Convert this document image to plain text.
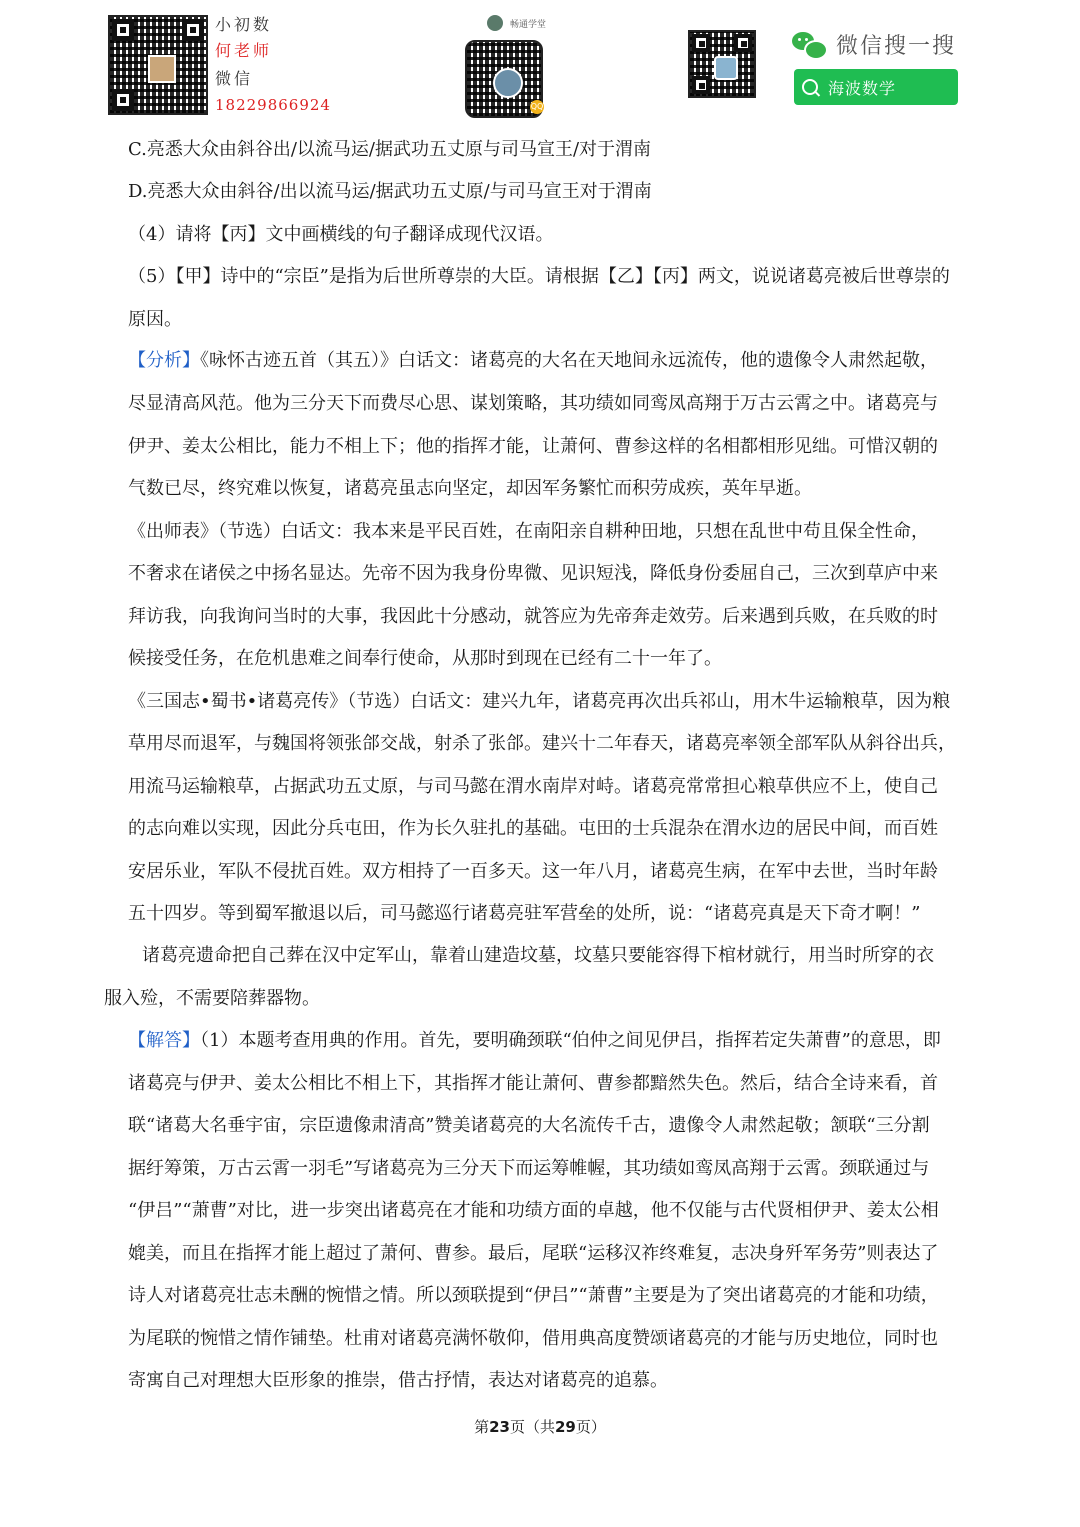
小初数
何老师
微信
18229866924
畅通学堂
QQ
微信搜一搜
海波数学
C.亮悉大众由斜谷出/以流马运/据武功五丈原与司马宣王/对于渭南
D.亮悉大众由斜谷/出以流马运/据武功五丈原/与司马宣王对于渭南
（4）请将【丙】文中画横线的句子翻译成现代汉语。
（5）【甲】诗中的“宗臣”是指为后世所尊崇的大臣。请根据【乙】【丙】两文，说说诸葛亮被后世尊崇的
原因。
【分析】《咏怀古迹五首（其五）》白话文：诸葛亮的大名在天地间永远流传，他的遗像令人肃然起敬，
尽显清高风范。他为三分天下而费尽心思、谋划策略，其功绩如同鸾凤高翔于万古云霄之中。诸葛亮与
伊尹、姜太公相比，能力不相上下；他的指挥才能，让萧何、曹参这样的名相都相形见绌。可惜汉朝的
气数已尽，终究难以恢复，诸葛亮虽志向坚定，却因军务繁忙而积劳成疾，英年早逝。
《出师表》（节选）白话文：我本来是平民百姓，在南阳亲自耕种田地，只想在乱世中苟且保全性命，
不奢求在诸侯之中扬名显达。先帝不因为我身份卑微、见识短浅，降低身份委屈自己，三次到草庐中来
拜访我，向我询问当时的大事，我因此十分感动，就答应为先帝奔走效劳。后来遇到兵败，在兵败的时
候接受任务，在危机患难之间奉行使命，从那时到现在已经有二十一年了。
《三国志•蜀书•诸葛亮传》（节选）白话文：建兴九年，诸葛亮再次出兵祁山，用木牛运输粮草，因为粮
草用尽而退军，与魏国将领张郃交战，射杀了张郃。建兴十二年春天，诸葛亮率领全部军队从斜谷出兵，
用流马运输粮草，占据武功五丈原，与司马懿在渭水南岸对峙。诸葛亮常常担心粮草供应不上，使自己
的志向难以实现，因此分兵屯田，作为长久驻扎的基础。屯田的士兵混杂在渭水边的居民中间，而百姓
安居乐业，军队不侵扰百姓。双方相持了一百多天。这一年八月，诸葛亮生病，在军中去世，当时年龄
五十四岁。等到蜀军撤退以后，司马懿巡行诸葛亮驻军营垒的处所，说：“诸葛亮真是天下奇才啊！”
诸葛亮遗命把自己葬在汉中定军山，靠着山建造坟墓，坟墓只要能容得下棺材就行，用当时所穿的衣
服入殓，不需要陪葬器物。
【解答】（1）本题考查用典的作用。首先，要明确颈联“伯仲之间见伊吕，指挥若定失萧曹”的意思，即
诸葛亮与伊尹、姜太公相比不相上下，其指挥才能让萧何、曹参都黯然失色。然后，结合全诗来看，首
联“诸葛大名垂宇宙，宗臣遗像肃清高”赞美诸葛亮的大名流传千古，遗像令人肃然起敬；颔联“三分割
据纡筹策，万古云霄一羽毛”写诸葛亮为三分天下而运筹帷幄，其功绩如鸾凤高翔于云霄。颈联通过与
“伊吕”“萧曹”对比，进一步突出诸葛亮在才能和功绩方面的卓越，他不仅能与古代贤相伊尹、姜太公相
媲美，而且在指挥才能上超过了萧何、曹参。最后，尾联“运移汉祚终难复，志决身歼军务劳”则表达了
诗人对诸葛亮壮志未酬的惋惜之情。所以颈联提到“伊吕”“萧曹”主要是为了突出诸葛亮的才能和功绩，
为尾联的惋惜之情作铺垫。杜甫对诸葛亮满怀敬仰，借用典高度赞颂诸葛亮的才能与历史地位，同时也
寄寓自己对理想大臣形象的推崇，借古抒情，表达对诸葛亮的追慕。
第23页（共29页）
